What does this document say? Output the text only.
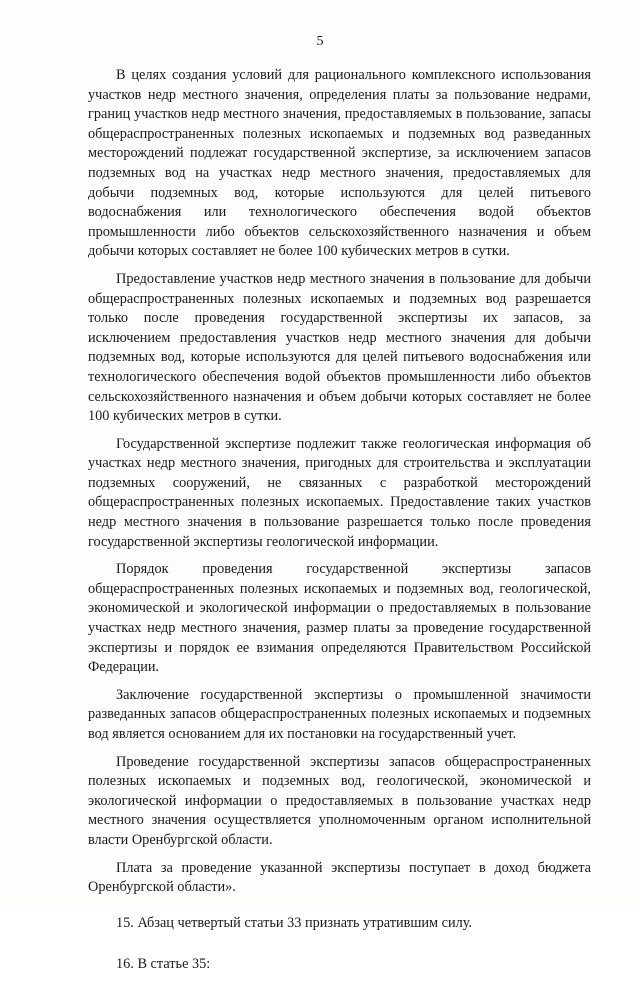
5

В целях создания условий для рационального комплексного использования участков недр местного значения, определения платы за пользование недрами, границ участков недр местного значения, предоставляемых в пользование, запасы общераспространенных полезных ископаемых и подземных вод разведанных месторождений подлежат государственной экспертизе, за исключением запасов подземных вод на участках недр местного значения, предоставляемых для добычи подземных вод, которые используются для целей питьевого водоснабжения или технологического обеспечения водой объектов промышленности либо объектов сельскохозяйственного назначения и объем добычи которых составляет не более 100 кубических метров в сутки.

Предоставление участков недр местного значения в пользование для добычи общераспространенных полезных ископаемых и подземных вод разрешается только после проведения государственной экспертизы их запасов, за исключением предоставления участков недр местного значения для добычи подземных вод, которые используются для целей питьевого водоснабжения или технологического обеспечения водой объектов промышленности либо объектов сельскохозяйственного назначения и объем добычи которых составляет не более 100 кубических метров в сутки.

Государственной экспертизе подлежит также геологическая информация об участках недр местного значения, пригодных для строительства и эксплуатации подземных сооружений, не связанных с разработкой месторождений общераспространенных полезных ископаемых. Предоставление таких участков недр местного значения в пользование разрешается только после проведения государственной экспертизы геологической информации.

Порядок проведения государственной экспертизы запасов общераспространенных полезных ископаемых и подземных вод, геологической, экономической и экологической информации о предоставляемых в пользование участках недр местного значения, размер платы за проведение государственной экспертизы и порядок ее взимания определяются Правительством Российской Федерации.

Заключение государственной экспертизы о промышленной значимости разведанных запасов общераспространенных полезных ископаемых и подземных вод является основанием для их постановки на государственный учет.

Проведение государственной экспертизы запасов общераспространенных полезных ископаемых и подземных вод, геологической, экономической и экологической информации о предоставляемых в пользование участках недр местного значения осуществляется уполномоченным органом исполнительной власти Оренбургской области.

Плата за проведение указанной экспертизы поступает в доход бюджета Оренбургской области».

15. Абзац четвертый статьи 33 признать утратившим силу.

16. В статье 35:
